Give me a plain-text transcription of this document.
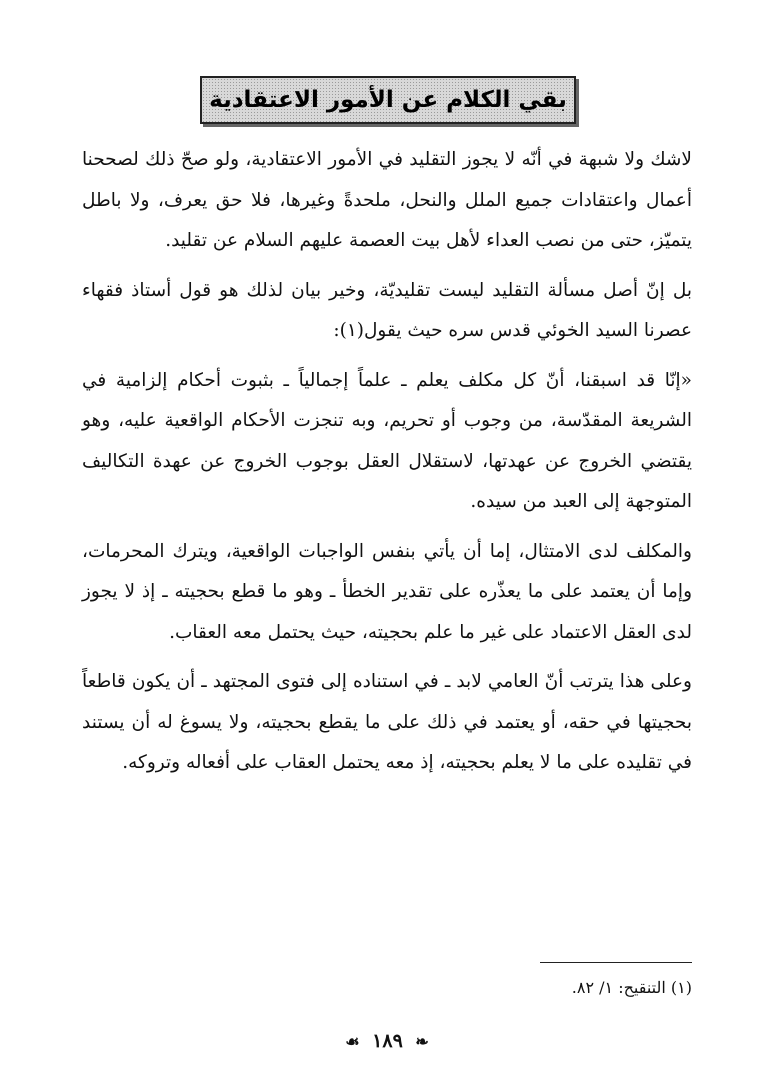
بقي الكلام عن الأمور الاعتقادية

لاشك ولا شبهة في أنّه لا يجوز التقليد في الأمور الاعتقادية، ولو صحّ ذلك لصححنا أعمال واعتقادات جميع الملل والنحل، ملحدةً وغيرها، فلا حق يعرف، ولا باطل يتميّز، حتى من نصب العداء لأهل بيت العصمة عليهم السلام عن تقليد.

بل إنّ أصل مسألة التقليد ليست تقليديّة، وخير بيان لذلك هو قول أستاذ فقهاء عصرنا السيد الخوئي قدس سره حيث يقول(١):

«إنّا قد اسبقنا، أنّ كل مكلف يعلم ـ علماً إجمالياً ـ بثبوت أحكام إلزامية في الشريعة المقدّسة، من وجوب أو تحريم، وبه تنجزت الأحكام الواقعية عليه، وهو يقتضي الخروج عن عهدتها، لاستقلال العقل بوجوب الخروج عن عهدة التكاليف المتوجهة إلى العبد من سيده.

والمكلف لدى الامتثال، إما أن يأتي بنفس الواجبات الواقعية، ويترك المحرمات، وإما أن يعتمد على ما يعذّره على تقدير الخطأ ـ وهو ما قطع بحجيته ـ إذ لا يجوز لدى العقل الاعتماد على غير ما علم بحجيته، حيث يحتمل معه العقاب.

وعلى هذا يترتب أنّ العامي لابد ـ في استناده إلى فتوى المجتهد ـ أن يكون قاطعاً بحجيتها في حقه، أو يعتمد في ذلك على ما يقطع بحجيته، ولا يسوغ له أن يستند في تقليده على ما لا يعلم بحجيته، إذ معه يحتمل العقاب على أفعاله وتروكه.

(١) التنقيح: ١/ ٨٢.
❧ ١٨٩ ☙
